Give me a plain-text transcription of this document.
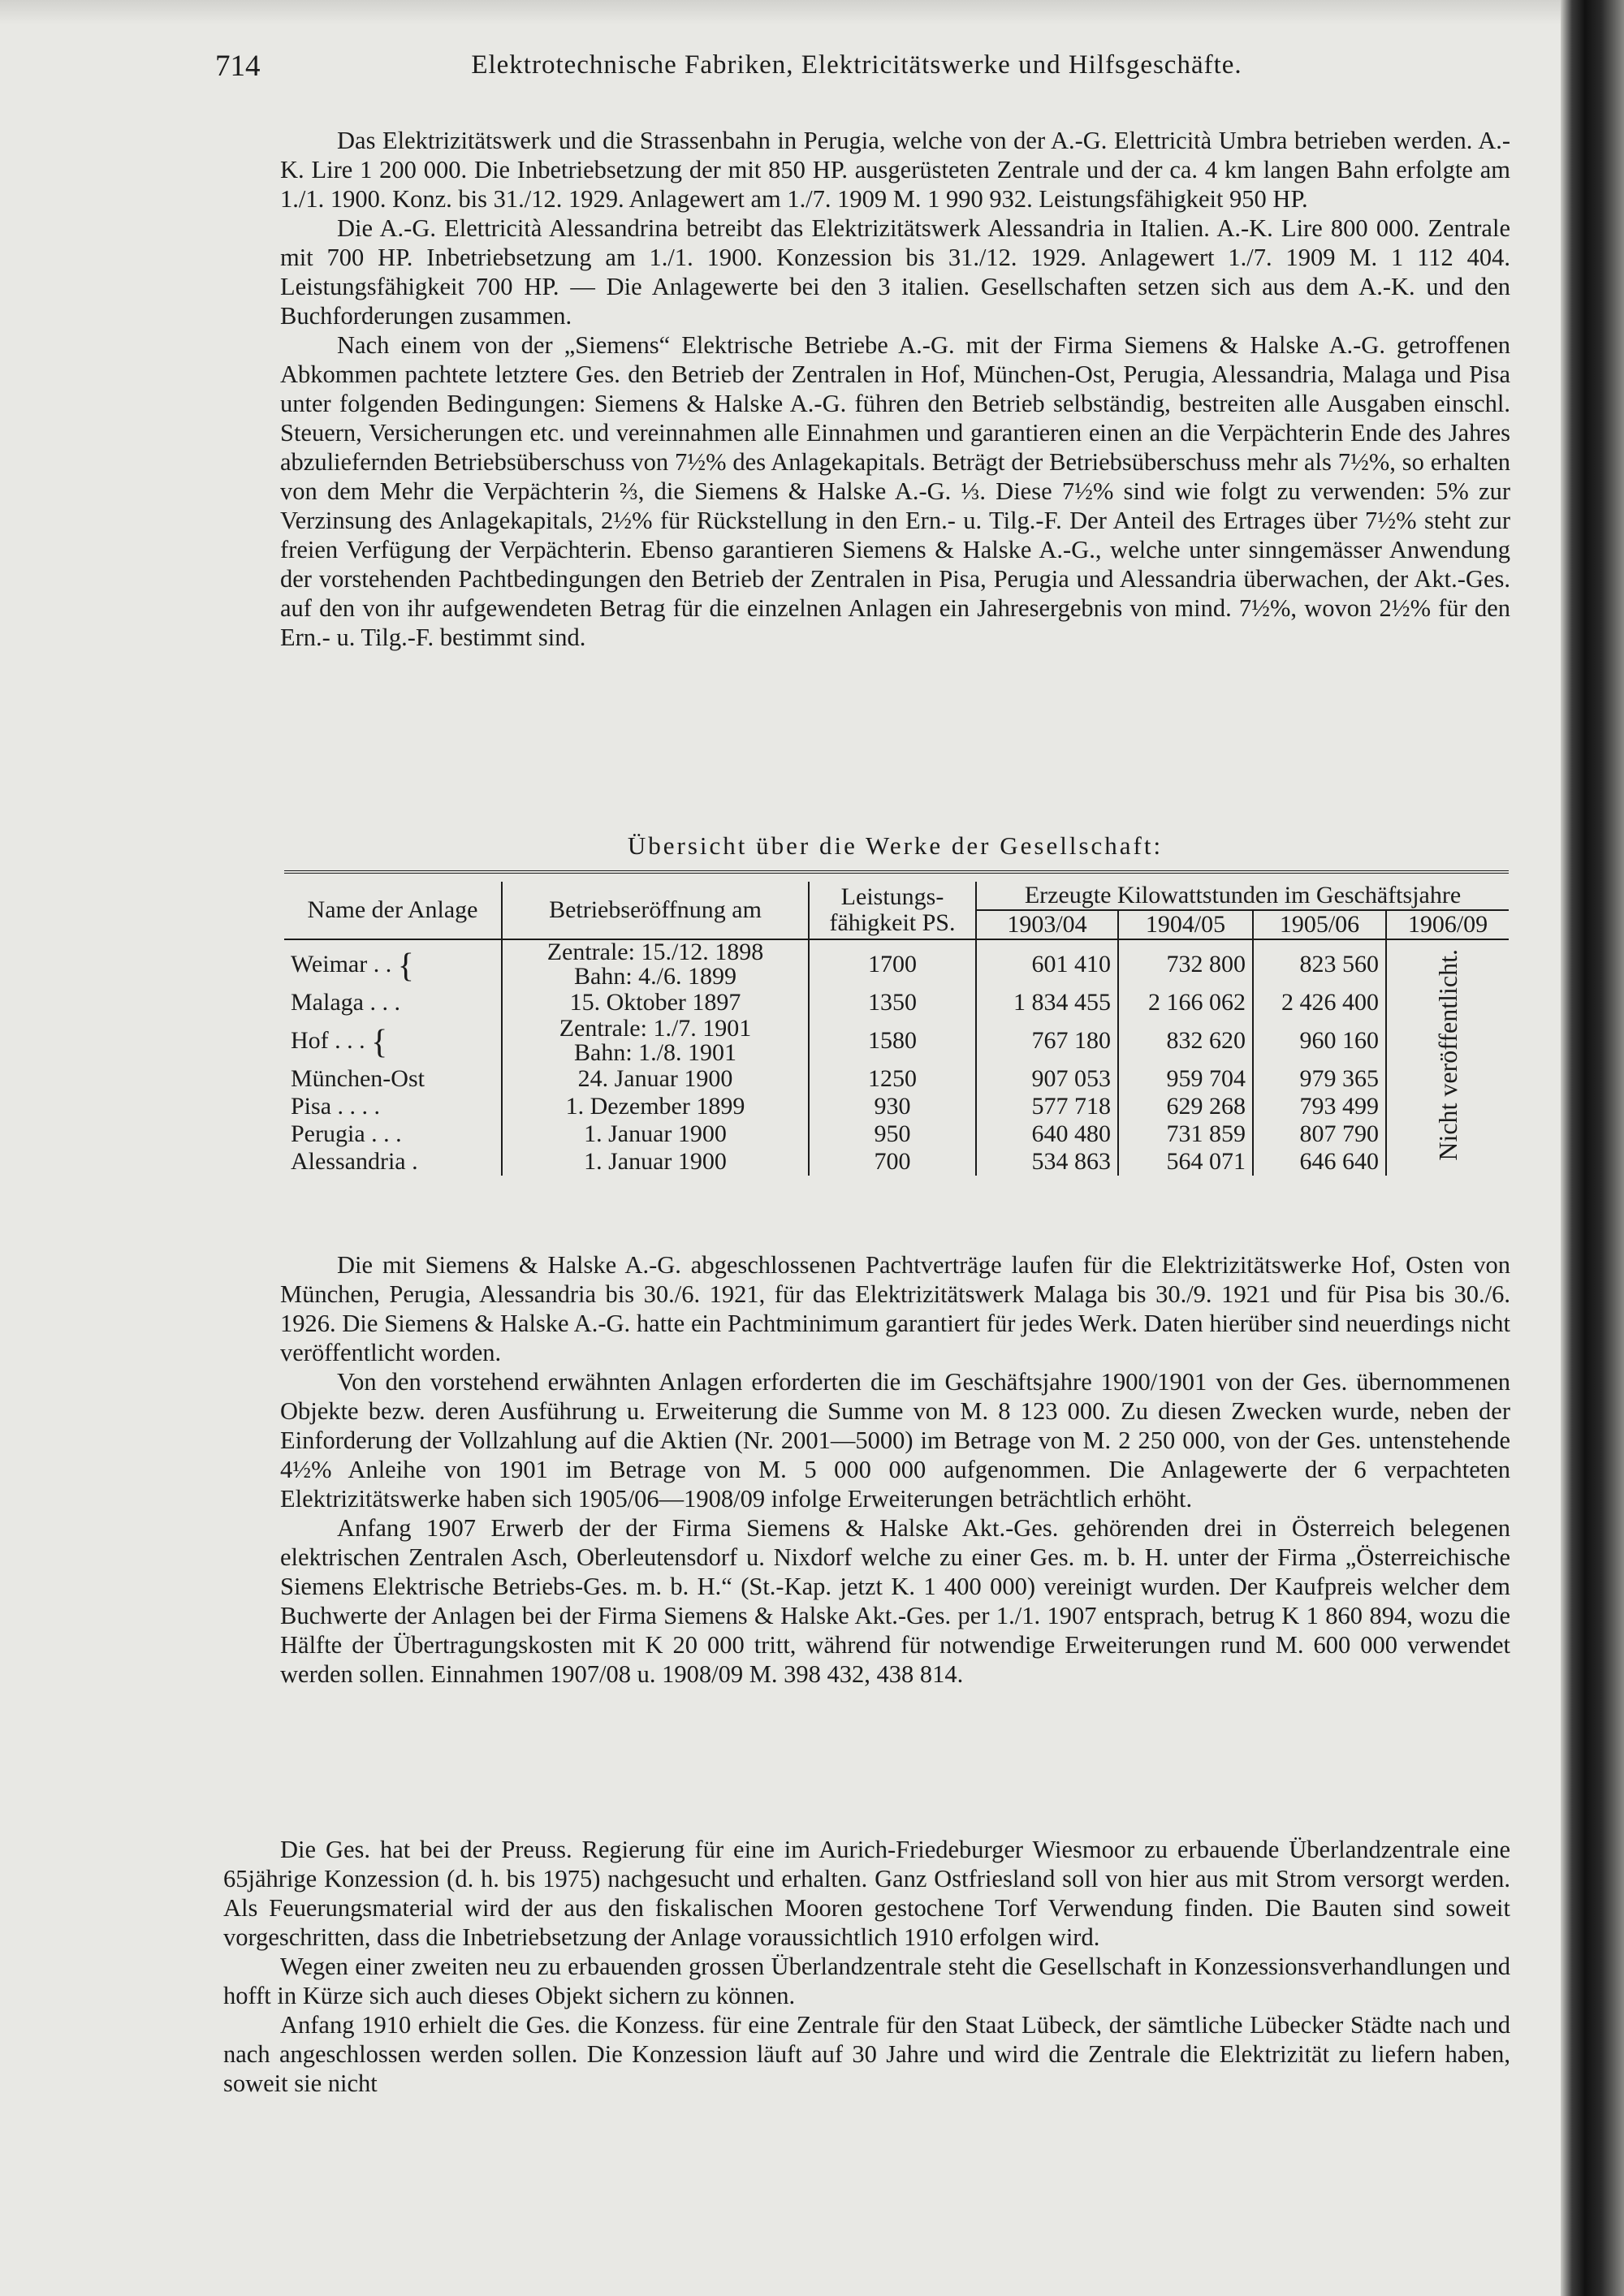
714	Elektrotechnische Fabriken, Elektricitätswerke und Hilfsgeschäfte.

Das Elektrizitätswerk und die Strassenbahn in Perugia, welche von der A.-G. Elettricità Umbra betrieben werden. A.-K. Lire 1 200 000. Die Inbetriebsetzung der mit 850 HP. ausgerüsteten Zentrale und der ca. 4 km langen Bahn erfolgte am 1./1. 1900. Konz. bis 31./12. 1929. Anlagewert am 1./7. 1909 M. 1 990 932. Leistungsfähigkeit 950 HP.

Die A.-G. Elettricità Alessandrina betreibt das Elektrizitätswerk Alessandria in Italien. A.-K. Lire 800 000. Zentrale mit 700 HP. Inbetriebsetzung am 1./1. 1900. Konzession bis 31./12. 1929. Anlagewert 1./7. 1909 M. 1 112 404. Leistungsfähigkeit 700 HP. — Die Anlagewerte bei den 3 italien. Gesellschaften setzen sich aus dem A.-K. und den Buchforderungen zusammen.

Nach einem von der „Siemens“ Elektrische Betriebe A.-G. mit der Firma Siemens & Halske A.-G. getroffenen Abkommen pachtete letztere Ges. den Betrieb der Zentralen in Hof, München-Ost, Perugia, Alessandria, Malaga und Pisa unter folgenden Bedingungen: Siemens & Halske A.-G. führen den Betrieb selbständig, bestreiten alle Ausgaben einschl. Steuern, Versicherungen etc. und vereinnahmen alle Einnahmen und garantieren einen an die Verpächterin Ende des Jahres abzuliefernden Betriebsüberschuss von 7½% des Anlagekapitals. Beträgt der Betriebsüberschuss mehr als 7½%, so erhalten von dem Mehr die Verpächterin ⅔, die Siemens & Halske A.-G. ⅓. Diese 7½% sind wie folgt zu verwenden: 5% zur Verzinsung des Anlagekapitals, 2½% für Rückstellung in den Ern.- u. Tilg.-F. Der Anteil des Ertrages über 7½% steht zur freien Verfügung der Verpächterin. Ebenso garantieren Siemens & Halske A.-G., welche unter sinngemässer Anwendung der vorstehenden Pachtbedingungen den Betrieb der Zentralen in Pisa, Perugia und Alessandria überwachen, der Akt.-Ges. auf den von ihr aufgewendeten Betrag für die einzelnen Anlagen ein Jahresergebnis von mind. 7½%, wovon 2½% für den Ern.- u. Tilg.-F. bestimmt sind.

Übersicht über die Werke der Gesellschaft:

Name der Anlage	Betriebseröffnung am	Leistungs-fähigkeit PS.	Erzeugte Kilowattstunden im Geschäftsjahre			
			1903/04	1904/05	1905/06	1906/09
Weimar . . {	Zentrale: 15./12. 1898
Bahn: 4./6. 1899	1700	601 410	732 800	823 560	Nicht veröffentlicht.
Malaga . . .	15. Oktober 1897	1350	1 834 455	2 166 062	2 426 400	
Hof . . . {	Zentrale: 1./7. 1901
Bahn: 1./8. 1901	1580	767 180	832 620	960 160	
München-Ost	24. Januar 1900	1250	907 053	959 704	979 365	
Pisa . . . .	1. Dezember 1899	930	577 718	629 268	793 499	
Perugia . . .	1. Januar 1900	950	640 480	731 859	807 790	
Alessandria .	1. Januar 1900	700	534 863	564 071	646 640	

Die mit Siemens & Halske A.-G. abgeschlossenen Pachtverträge laufen für die Elektrizitätswerke Hof, Osten von München, Perugia, Alessandria bis 30./6. 1921, für das Elektrizitätswerk Malaga bis 30./9. 1921 und für Pisa bis 30./6. 1926. Die Siemens & Halske A.-G. hatte ein Pachtminimum garantiert für jedes Werk. Daten hierüber sind neuerdings nicht veröffentlicht worden.

Von den vorstehend erwähnten Anlagen erforderten die im Geschäftsjahre 1900/1901 von der Ges. übernommenen Objekte bezw. deren Ausführung u. Erweiterung die Summe von M. 8 123 000. Zu diesen Zwecken wurde, neben der Einforderung der Vollzahlung auf die Aktien (Nr. 2001—5000) im Betrage von M. 2 250 000, von der Ges. untenstehende 4½% Anleihe von 1901 im Betrage von M. 5 000 000 aufgenommen. Die Anlagewerte der 6 verpachteten Elektrizitätswerke haben sich 1905/06—1908/09 infolge Erweiterungen beträchtlich erhöht.

Anfang 1907 Erwerb der der Firma Siemens & Halske Akt.-Ges. gehörenden drei in Österreich belegenen elektrischen Zentralen Asch, Oberleutensdorf u. Nixdorf welche zu einer Ges. m. b. H. unter der Firma „Österreichische Siemens Elektrische Betriebs-Ges. m. b. H.“ (St.-Kap. jetzt K. 1 400 000) vereinigt wurden. Der Kaufpreis welcher dem Buchwerte der Anlagen bei der Firma Siemens & Halske Akt.-Ges. per 1./1. 1907 entsprach, betrug K 1 860 894, wozu die Hälfte der Übertragungskosten mit K 20 000 tritt, während für notwendige Erweiterungen rund M. 600 000 verwendet werden sollen. Einnahmen 1907/08 u. 1908/09 M. 398 432, 438 814.

Die Ges. hat bei der Preuss. Regierung für eine im Aurich-Friedeburger Wiesmoor zu erbauende Überlandzentrale eine 65jährige Konzession (d. h. bis 1975) nachgesucht und erhalten. Ganz Ostfriesland soll von hier aus mit Strom versorgt werden. Als Feuerungsmaterial wird der aus den fiskalischen Mooren gestochene Torf Verwendung finden. Die Bauten sind soweit vorgeschritten, dass die Inbetriebsetzung der Anlage voraussichtlich 1910 erfolgen wird.

Wegen einer zweiten neu zu erbauenden grossen Überlandzentrale steht die Gesellschaft in Konzessionsverhandlungen und hofft in Kürze sich auch dieses Objekt sichern zu können.

Anfang 1910 erhielt die Ges. die Konzess. für eine Zentrale für den Staat Lübeck, der sämtliche Lübecker Städte nach und nach angeschlossen werden sollen. Die Konzession läuft auf 30 Jahre und wird die Zentrale die Elektrizität zu liefern haben, soweit sie nicht
